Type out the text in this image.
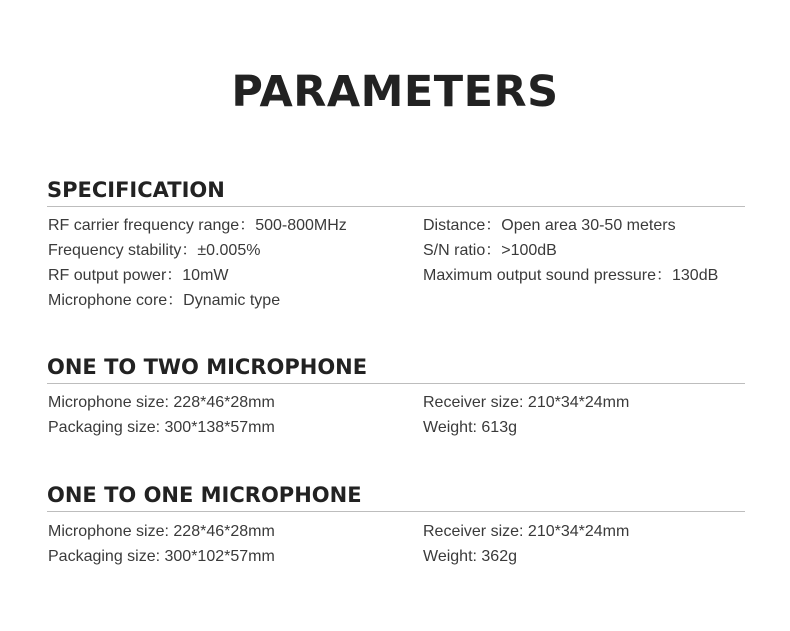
PARAMETERS
SPECIFICATION
RF carrier frequency range：500-800MHz
Frequency stability：±0.005%
RF output power：10mW
Microphone core：Dynamic type
Distance：Open area 30-50 meters
S/N ratio：>100dB
Maximum output sound pressure：130dB
ONE TO TWO MICROPHONE
Microphone size: 228*46*28mm
Packaging size: 300*138*57mm
Receiver size: 210*34*24mm
Weight: 613g
ONE TO ONE MICROPHONE
Microphone size: 228*46*28mm
Packaging size: 300*102*57mm
Receiver size: 210*34*24mm
Weight: 362g
